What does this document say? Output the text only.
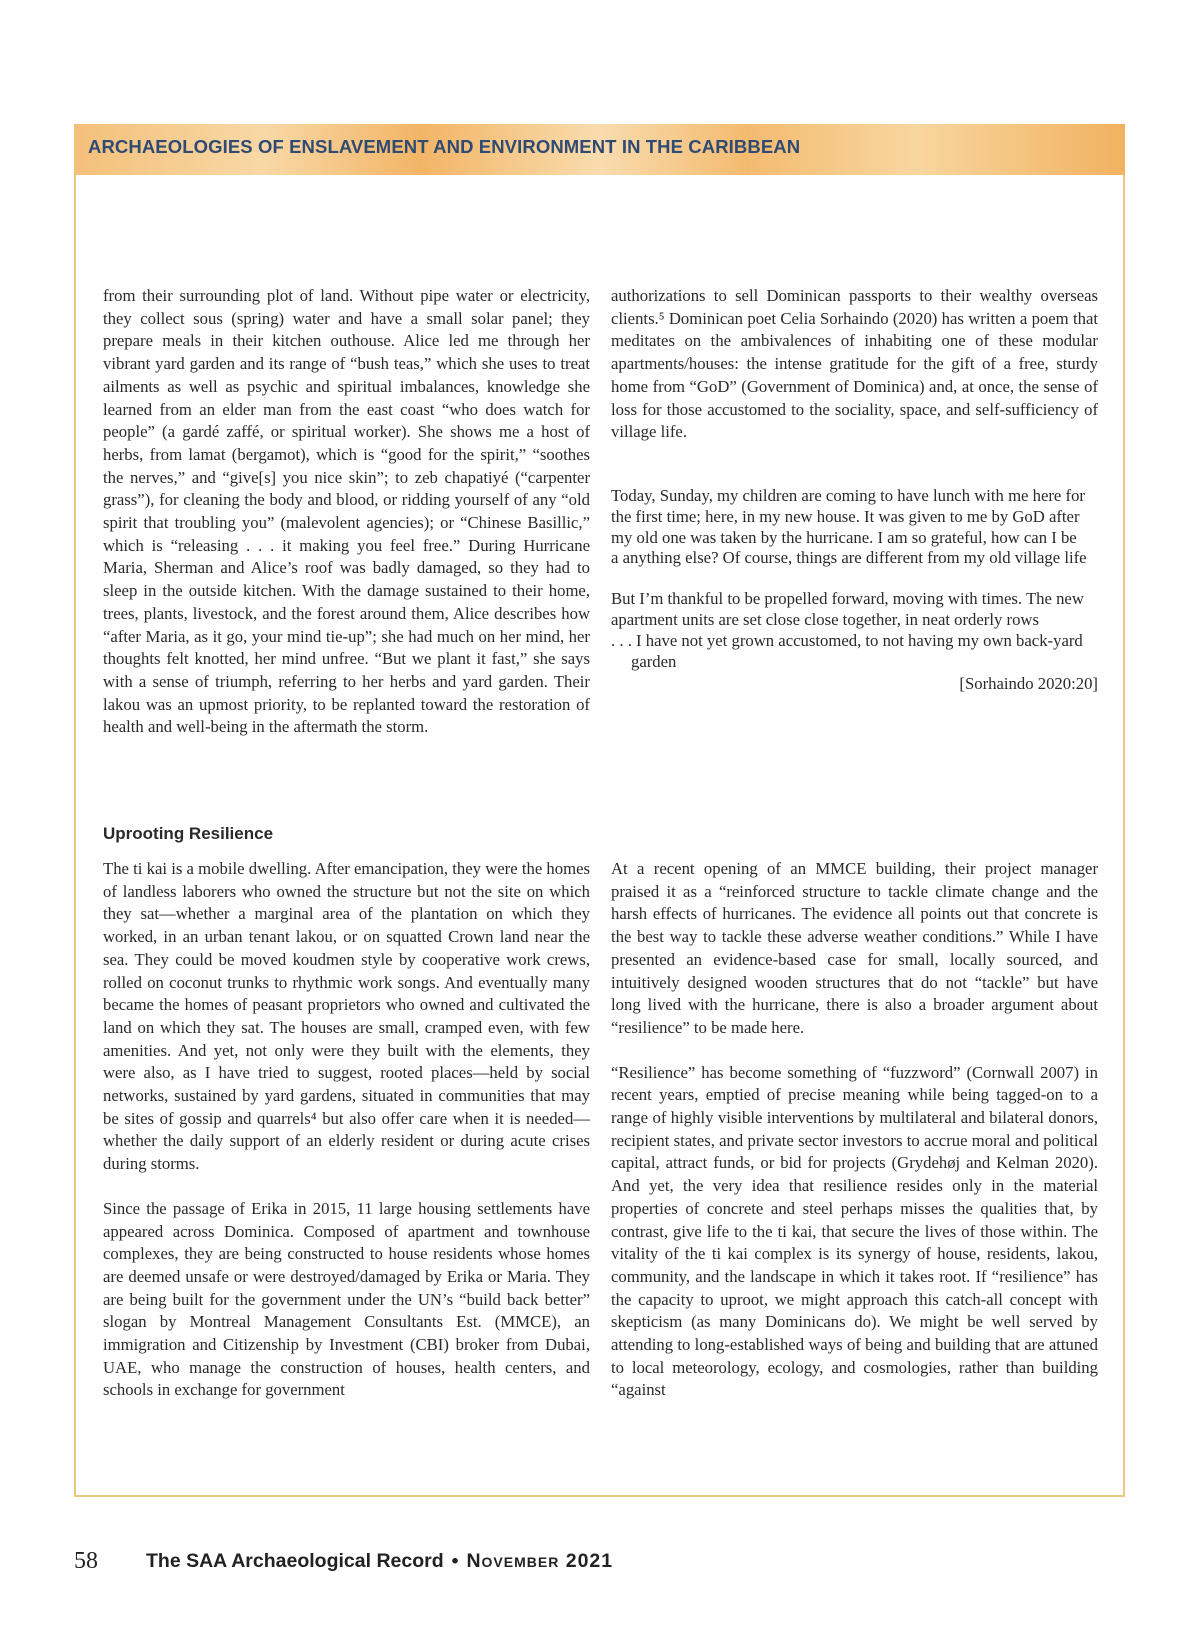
ARCHAEOLOGIES OF ENSLAVEMENT AND ENVIRONMENT IN THE CARIBBEAN

from their surrounding plot of land. Without pipe water or electricity, they collect sous (spring) water and have a small solar panel; they prepare meals in their kitchen outhouse. Alice led me through her vibrant yard garden and its range of “bush teas,” which she uses to treat ailments as well as psychic and spiritual imbalances, knowledge she learned from an elder man from the east coast “who does watch for people” (a gardé zaffé, or spiritual worker). She shows me a host of herbs, from lamat (bergamot), which is “good for the spirit,” “soothes the nerves,” and “give[s] you nice skin”; to zeb chapatiyé (“carpenter grass”), for cleaning the body and blood, or ridding yourself of any “old spirit that troubling you” (malevolent agencies); or “Chinese Basillic,” which is “releasing . . . it making you feel free.” During Hurricane Maria, Sherman and Alice’s roof was badly damaged, so they had to sleep in the outside kitchen. With the damage sustained to their home, trees, plants, livestock, and the forest around them, Alice describes how “after Maria, as it go, your mind tie-up”; she had much on her mind, her thoughts felt knotted, her mind unfree. “But we plant it fast,” she says with a sense of triumph, referring to her herbs and yard garden. Their lakou was an upmost priority, to be replanted toward the restoration of health and well-being in the aftermath the storm.

Uprooting Resilience

The ti kai is a mobile dwelling. After emancipation, they were the homes of landless laborers who owned the structure but not the site on which they sat—whether a marginal area of the plantation on which they worked, in an urban tenant lakou, or on squatted Crown land near the sea. They could be moved koudmen style by cooperative work crews, rolled on coconut trunks to rhythmic work songs. And eventually many became the homes of peasant proprietors who owned and cultivated the land on which they sat. The houses are small, cramped even, with few amenities. And yet, not only were they built with the elements, they were also, as I have tried to suggest, rooted places—held by social networks, sustained by yard gardens, situated in communities that may be sites of gossip and quarrels⁴ but also offer care when it is needed—whether the daily support of an elderly resident or during acute crises during storms.

Since the passage of Erika in 2015, 11 large housing settlements have appeared across Dominica. Composed of apartment and townhouse complexes, they are being constructed to house residents whose homes are deemed unsafe or were destroyed/damaged by Erika or Maria. They are being built for the government under the UN’s “build back better” slogan by Montreal Management Consultants Est. (MMCE), an immigration and Citizenship by Investment (CBI) broker from Dubai, UAE, who manage the construction of houses, health centers, and schools in exchange for government

authorizations to sell Dominican passports to their wealthy overseas clients.⁵ Dominican poet Celia Sorhaindo (2020) has written a poem that meditates on the ambivalences of inhabiting one of these modular apartments/houses: the intense gratitude for the gift of a free, sturdy home from “GoD” (Government of Dominica) and, at once, the sense of loss for those accustomed to the sociality, space, and self-sufficiency of village life.

Today, Sunday, my children are coming to have lunch with me here for
the first time; here, in my new house. It was given to me by GoD after
my old one was taken by the hurricane. I am so grateful, how can I be
a anything else? Of course, things are different from my old village life
But I’m thankful to be propelled forward, moving with times. The new
apartment units are set close close together, in neat orderly rows
. . . I have not yet grown accustomed, to not having my own back-yard garden
[Sorhaindo 2020:20]

At a recent opening of an MMCE building, their project manager praised it as a “reinforced structure to tackle climate change and the harsh effects of hurricanes. The evidence all points out that concrete is the best way to tackle these adverse weather conditions.” While I have presented an evidence-based case for small, locally sourced, and intuitively designed wooden structures that do not “tackle” but have long lived with the hurricane, there is also a broader argument about “resilience” to be made here.

“Resilience” has become something of “fuzzword” (Cornwall 2007) in recent years, emptied of precise meaning while being tagged-on to a range of highly visible interventions by multilateral and bilateral donors, recipient states, and private sector investors to accrue moral and political capital, attract funds, or bid for projects (Grydehøj and Kelman 2020). And yet, the very idea that resilience resides only in the material properties of concrete and steel perhaps misses the qualities that, by contrast, give life to the ti kai, that secure the lives of those within. The vitality of the ti kai complex is its synergy of house, residents, lakou, community, and the landscape in which it takes root. If “resilience” has the capacity to uproot, we might approach this catch-all concept with skepticism (as many Dominicans do). We might be well served by attending to long-established ways of being and building that are attuned to local meteorology, ecology, and cosmologies, rather than building “against

58 The SAA Archaeological Record • November 2021
